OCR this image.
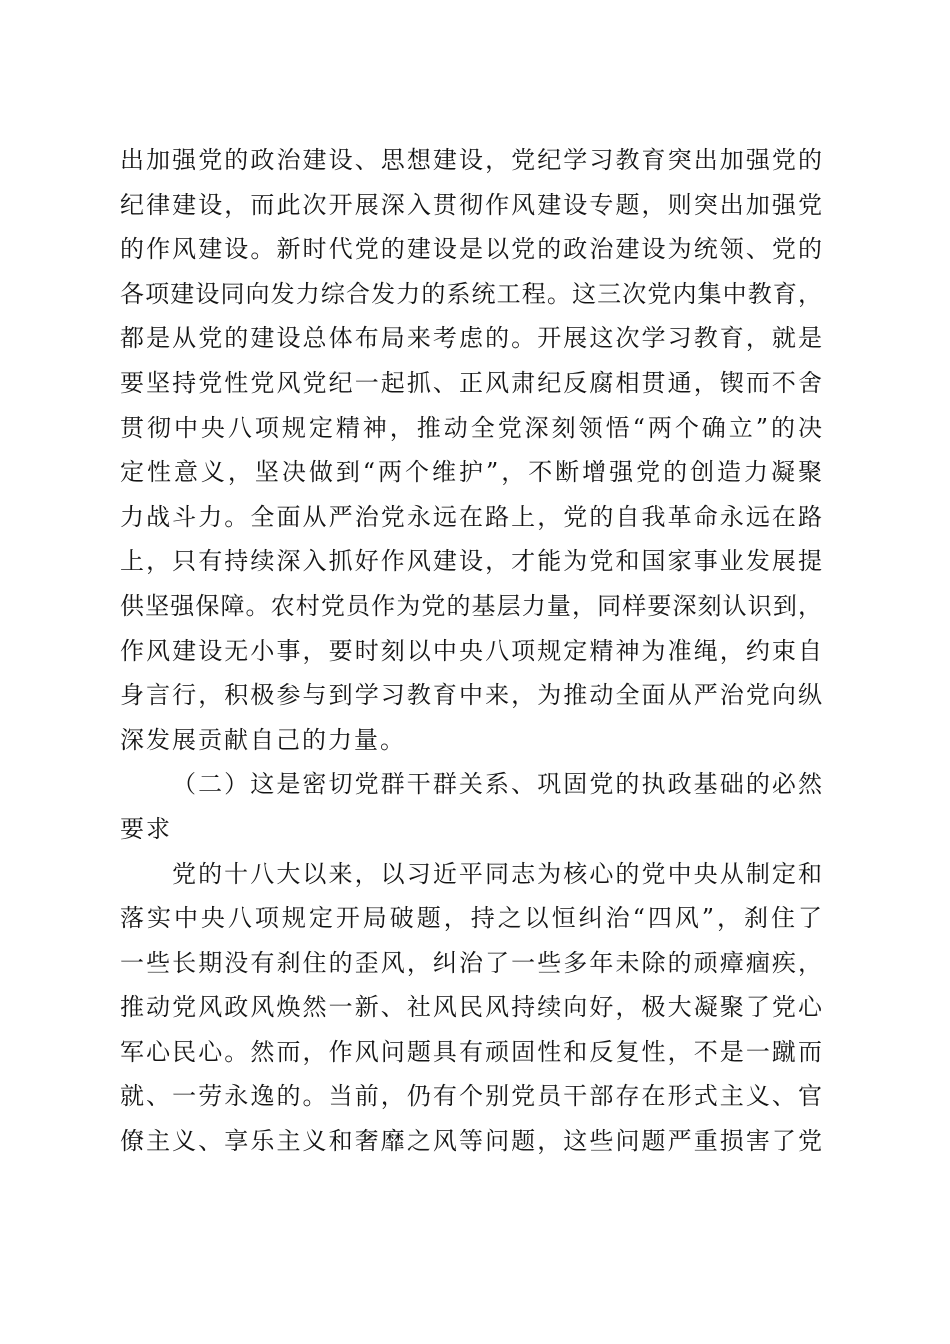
出加强党的政治建设、思想建设，党纪学习教育突出加强党的
纪律建设，而此次开展深入贯彻作风建设专题，则突出加强党
的作风建设。新时代党的建设是以党的政治建设为统领、党的
各项建设同向发力综合发力的系统工程。这三次党内集中教育，
都是从党的建设总体布局来考虑的。开展这次学习教育，就是
要坚持党性党风党纪一起抓、正风肃纪反腐相贯通，锲而不舍
贯彻中央八项规定精神，推动全党深刻领悟“两个确立”的决
定性意义，坚决做到“两个维护”，不断增强党的创造力凝聚
力战斗力。全面从严治党永远在路上，党的自我革命永远在路
上，只有持续深入抓好作风建设，才能为党和国家事业发展提
供坚强保障。农村党员作为党的基层力量，同样要深刻认识到，
作风建设无小事，要时刻以中央八项规定精神为准绳，约束自
身言行，积极参与到学习教育中来，为推动全面从严治党向纵
深发展贡献自己的力量。
（二）这是密切党群干群关系、巩固党的执政基础的必然
要求
党的十八大以来，以习近平同志为核心的党中央从制定和
落实中央八项规定开局破题，持之以恒纠治“四风”，刹住了
一些长期没有刹住的歪风，纠治了一些多年未除的顽瘴痼疾，
推动党风政风焕然一新、社风民风持续向好，极大凝聚了党心
军心民心。然而，作风问题具有顽固性和反复性，不是一蹴而
就、一劳永逸的。当前，仍有个别党员干部存在形式主义、官
僚主义、享乐主义和奢靡之风等问题，这些问题严重损害了党
